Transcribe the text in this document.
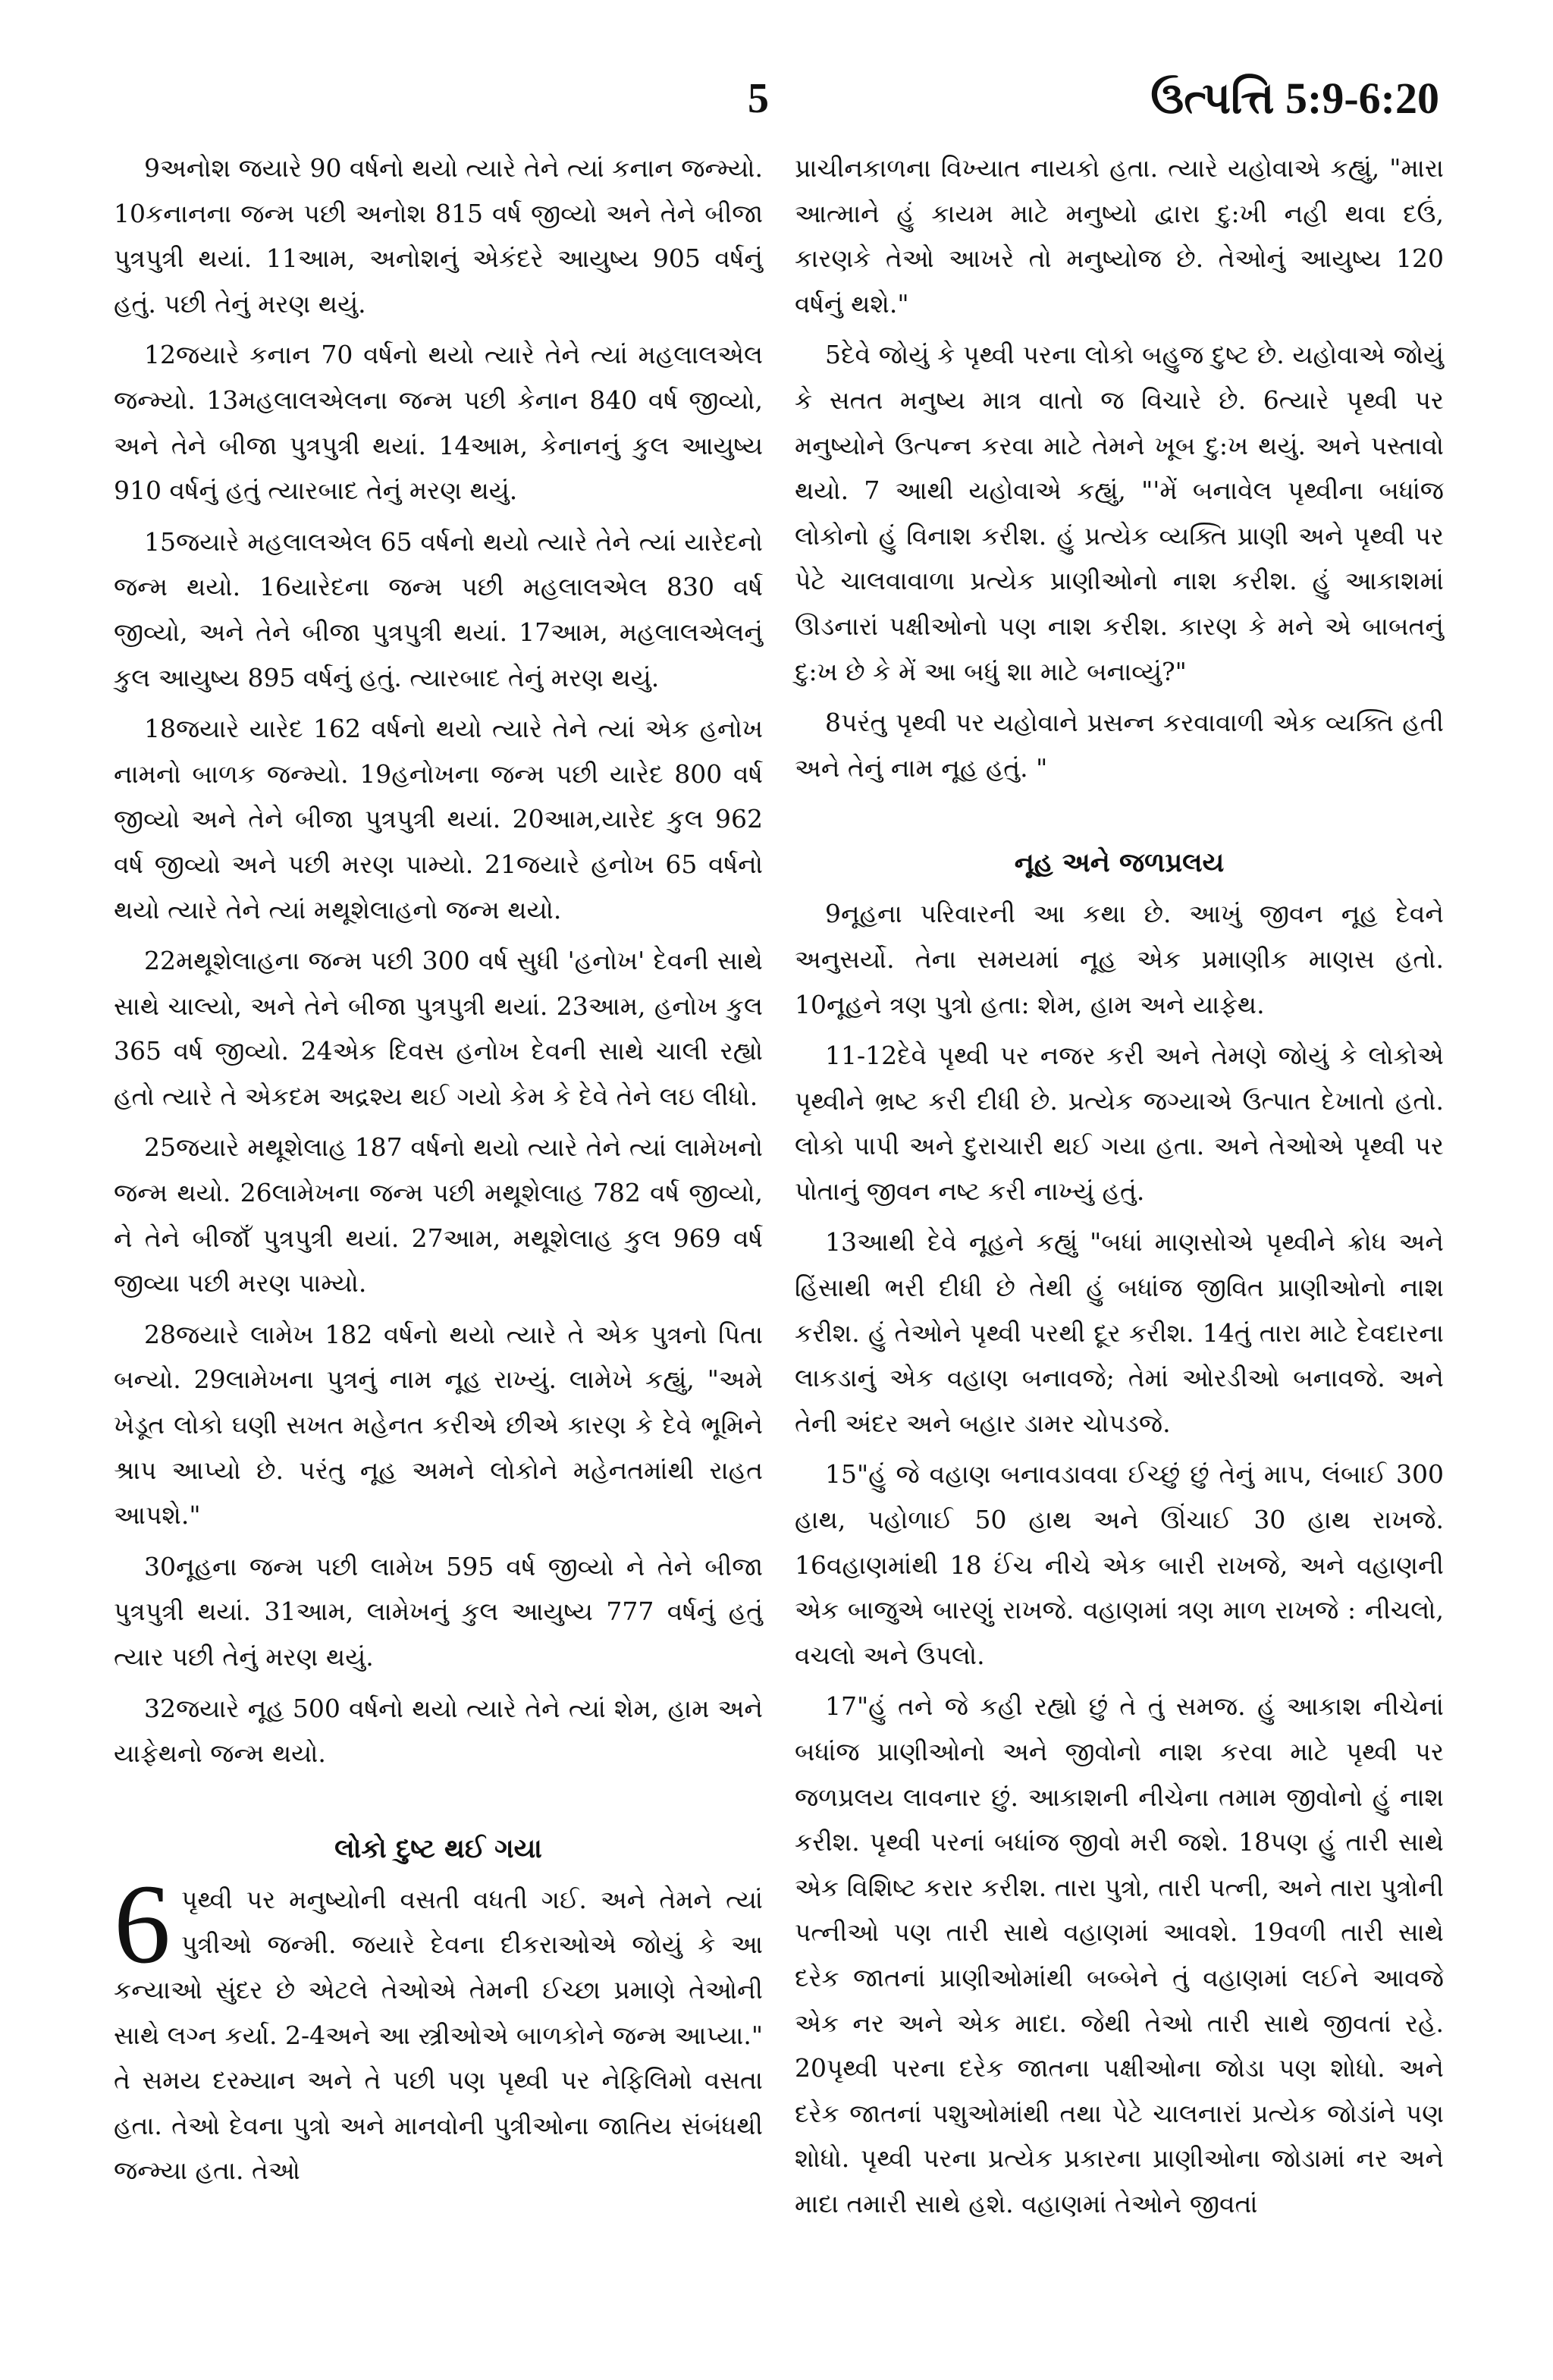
5	ઉત્પત્તિ 5:9-6:20

9અનોશ જયારે 90 વર્ષનો થયો ત્યારે તેને ત્યાં કનાન જન્મ્યો. 10કનાનના જન્મ પછી અનોશ 815 વર્ષ જીવ્યો અને તેને બીજા પુત્રપુત્રી થયાં. 11આમ, અનોશનું એકંદરે આયુષ્ય 905 વર્ષનું હતું. પછી તેનું મરણ થયું.

12જયારે કનાન 70 વર્ષનો થયો ત્યારે તેને ત્યાં મહલાલએલ જન્મ્યો. 13મહલાલએલના જન્મ પછી કેનાન 840 વર્ષ જીવ્યો, અને તેને બીજા પુત્રપુત્રી થયાં. 14આમ, કેનાનનું કુલ આયુષ્ય 910 વર્ષનું હતું ત્યારબાદ તેનું મરણ થયું.

15જયારે મહલાલએલ 65 વર્ષનો થયો ત્યારે તેને ત્યાં યારેદનો જન્મ થયો. 16યારેદના જન્મ પછી મહલાલએલ 830 વર્ષ જીવ્યો, અને તેને બીજા પુત્રપુત્રી થયાં. 17આમ, મહલાલએલનું કુલ આયુષ્ય 895 વર્ષનું હતું. ત્યારબાદ તેનું મરણ થયું.

18જયારે યારેદ 162 વર્ષનો થયો ત્યારે તેને ત્યાં એક હનોખ નામનો બાળક જન્મ્યો. 19હનોખના જન્મ પછી યારેદ 800 વર્ષ જીવ્યો અને તેને બીજા પુત્રપુત્રી થયાં. 20આમ,યારેદ કુલ 962 વર્ષ જીવ્યો અને પછી મરણ પામ્યો. 21જયારે હનોખ 65 વર્ષનો થયો ત્યારે તેને ત્યાં મથૂશેલાહનો જન્મ થયો.

22મથૂશેલાહના જન્મ પછી 300 વર્ષ સુધી 'હનોખ' દેવની સાથે સાથે ચાલ્યો, અને તેને બીજા પુત્રપુત્રી થયાં. 23આમ, હનોખ કુલ 365 વર્ષ જીવ્યો. 24એક દિવસ હનોખ દેવની સાથે ચાલી રહ્યો હતો ત્યારે તે એકદમ અદ્રશ્ય થઈ ગયો કેમ કે દેવે તેને લઇ લીધો.

25જયારે મથૂશેલાહ 187 વર્ષનો થયો ત્યારે તેને ત્યાં લામેખનો જન્મ થયો. 26લામેખના જન્મ પછી મથૂશેલાહ 782 વર્ષ જીવ્યો, ને તેને બીજાઁ પુત્રપુત્રી થયાં. 27આમ, મથૂશેલાહ કુલ 969 વર્ષ જીવ્યા પછી મરણ પામ્યો.

28જયારે લામેખ 182 વર્ષનો થયો ત્યારે તે એક પુત્રનો પિતા બન્યો. 29લામેખના પુત્રનું નામ નૂહ રાખ્યું. લામેખે કહ્યું, "અમે ખેડૂત લોકો ઘણી સખત મહેનત કરીએ છીએ કારણ કે દેવે ભૂમિને શ્રાપ આપ્યો છે. પરંતુ નૂહ અમને લોકોને મહેનતમાંથી રાહત આપશે."

30નૂહના જન્મ પછી લામેખ 595 વર્ષ જીવ્યો ને તેને બીજા પુત્રપુત્રી થયાં. 31આમ, લામેખનું કુલ આયુષ્ય 777 વર્ષનું હતું ત્યાર પછી તેનું મરણ થયું.

32જયારે નૂહ 500 વર્ષનો થયો ત્યારે તેને ત્યાં શેમ, હામ અને યાફેથનો જન્મ થયો.

લોકો દુષ્ટ થઈ ગયા

6 પૃથ્વી પર મનુષ્યોની વસતી વધતી ગઈ. અને તેમને ત્યાં પુત્રીઓ જન્મી. જયારે દેવના દીકરાઓએ જોયું કે આ કન્યાઓ સુંદર છે એટલે તેઓએ તેમની ઈચ્છા પ્રમાણે તેઓની સાથે લગ્ન કર્યા. 2-4અને આ સ્ત્રીઓએ બાળકોને જન્મ આપ્યા." તે સમય દરમ્યાન અને તે પછી પણ પૃથ્વી પર નેફિલિમો વસતા હતા. તેઓ દેવના પુત્રો અને માનવોની પુત્રીઓના જાતિય સંબંધથી જન્મ્યા હતા. તેઓ

પ્રાચીનકાળના વિખ્યાત નાયકો હતા. ત્યારે યહોવાએ કહ્યું, "મારા આત્માને હું કાયમ માટે મનુષ્યો દ્વારા દુ:ખી નહી થવા દઉં, કારણકે તેઓ આખરે તો મનુષ્યોજ છે. તેઓનું આયુષ્ય 120 વર્ષનું થશે."

5દેવે જોયું કે પૃથ્વી પરના લોકો બહુજ દુષ્ટ છે. યહોવાએ જોયું કે સતત મનુષ્ય માત્ર વાતો જ વિચારે છે. 6ત્યારે પૃથ્વી પર મનુષ્યોને ઉત્પન્ન કરવા માટે તેમને ખૂબ દુ:ખ થયું. અને પસ્તાવો થયો. 7 આથી યહોવાએ કહ્યું, "'મેં બનાવેલ પૃથ્વીના બધાંજ લોકોનો હું વિનાશ કરીશ. હું પ્રત્યેક વ્યક્તિ પ્રાણી અને પૃથ્વી પર પેટે ચાલવાવાળા પ્રત્યેક પ્રાણીઓનો નાશ કરીશ. હું આકાશમાં ઊડનારાં પક્ષીઓનો પણ નાશ કરીશ. કારણ કે મને એ બાબતનું દુ:ખ છે કે મેં આ બધું શા માટે બનાવ્યું?"

8પરંતુ પૃથ્વી પર યહોવાને પ્રસન્ન કરવાવાળી એક વ્યક્તિ હતી અને તેનું નામ નૂહ હતું. "

નૂહ અને જળપ્રલય

9નૂહના પરિવારની આ કથા છે. આખું જીવન નૂહ દેવને અનુસર્યો. તેના સમયમાં નૂહ એક પ્રમાણીક માણસ હતો. 10નૂહને ત્રણ પુત્રો હતા: શેમ, હામ અને યાફેથ.

11-12દેવે પૃથ્વી પર નજર કરી અને તેમણે જોયું કે લોકોએ પૃથ્વીને ભ્રષ્ટ કરી દીધી છે. પ્રત્યેક જગ્યાએ ઉત્પાત દેખાતો હતો. લોકો પાપી અને દુરાચારી થઈ ગયા હતા. અને તેઓએ પૃથ્વી પર પોતાનું જીવન નષ્ટ કરી નાખ્યું હતું.

13આથી દેવે નૂહને કહ્યું "બધાં માણસોએ પૃથ્વીને ક્રોધ અને હિંસાથી ભરી દીધી છે તેથી હું બધાંજ જીવિત પ્રાણીઓનો નાશ કરીશ. હું તેઓને પૃથ્વી પરથી દૂર કરીશ. 14તું તારા માટે દેવદારના લાકડાનું એક વહાણ બનાવજે; તેમાં ઓરડીઓ બનાવજે. અને તેની અંદર અને બહાર ડામર ચોપડજે.

15"હું જે વહાણ બનાવડાવવા ઈચ્છું છું તેનું માપ, લંબાઈ 300 હાથ, પહોળાઈ 50 હાથ અને ઊંચાઈ 30 હાથ રાખજે. 16વહાણમાંથી 18 ઈંચ નીચે એક બારી રાખજે, અને વહાણની એક બાજુએ બારણું રાખજે. વહાણમાં ત્રણ માળ રાખજે : નીચલો, વચલો અને ઉપલો.

17"હું તને જે કહી રહ્યો છું તે તું સમજ. હું આકાશ નીચેનાં બધાંજ પ્રાણીઓનો અને જીવોનો નાશ કરવા માટે પૃથ્વી પર જળપ્રલય લાવનાર છું. આકાશની નીચેના તમામ જીવોનો હું નાશ કરીશ. પૃથ્વી પરનાં બધાંજ જીવો મરી જશે. 18પણ હું તારી સાથે એક વિશિષ્ટ કરાર કરીશ. તારા પુત્રો, તારી પત્ની, અને તારા પુત્રોની પત્નીઓ પણ તારી સાથે વહાણમાં આવશે. 19વળી તારી સાથે દરેક જાતનાં પ્રાણીઓમાંથી બબ્બેને તું વહાણમાં લઈને આવજે એક નર અને એક માદા. જેથી તેઓ તારી સાથે જીવતાં રહે. 20પૃથ્વી પરના દરેક જાતના પક્ષીઓના જોડા પણ શોધો. અને દરેક જાતનાં પશુઓમાંથી તથા પેટે ચાલનારાં પ્રત્યેક જોડાંને પણ શોધો. પૃથ્વી પરના પ્રત્યેક પ્રકારના પ્રાણીઓના જોડામાં નર અને માદા તમારી સાથે હશે. વહાણમાં તેઓને જીવતાં
